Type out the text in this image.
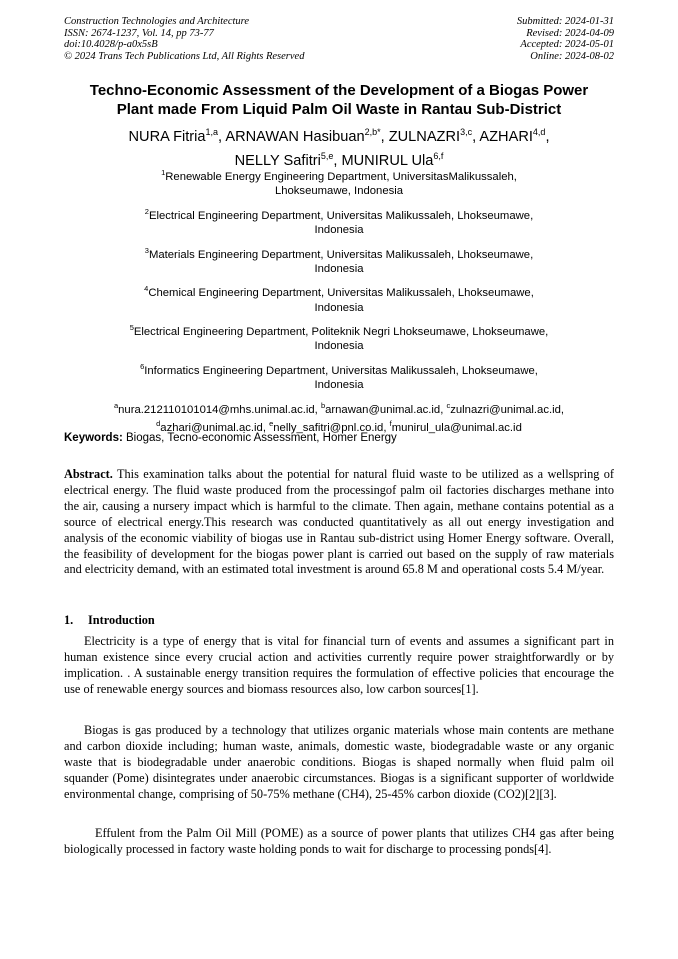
Construction Technologies and Architecture
ISSN: 2674-1237, Vol. 14, pp 73-77
doi:10.4028/p-a0x5sB
© 2024 Trans Tech Publications Ltd, All Rights Reserved
Submitted: 2024-01-31
Revised: 2024-04-09
Accepted: 2024-05-01
Online: 2024-08-02
Techno-Economic Assessment of the Development of a Biogas Power
Plant made From Liquid Palm Oil Waste in Rantau Sub-District
NURA Fitria$^{1,a}$, ARNAWAN Hasibuan$^{2,b*}$, ZULNAZRI$^{3,c}$, AZHARI$^{4,d}$,
NELLY Safitri$^{5,e}$, MUNIRUL Ula$^{6,f}$
$^1$Renewable Energy Engineering Department, UniversitasMalikussaleh,
Lhokseumawe, Indonesia
$^2$Electrical Engineering Department, Universitas Malikussaleh, Lhokseumawe,
Indonesia
$^3$Materials Engineering Department, Universitas Malikussaleh, Lhokseumawe,
Indonesia
$^4$Chemical Engineering Department, Universitas Malikussaleh, Lhokseumawe,
Indonesia
$^5$Electrical Engineering Department, Politeknik Negri Lhokseumawe, Lhokseumawe,
Indonesia
$^6$Informatics Engineering Department, Universitas Malikussaleh, Lhokseumawe,
Indonesia
$^a$nura.212110101014@mhs.unimal.ac.id, $^b$arnawan@unimal.ac.id, $^c$zulnazri@unimal.ac.id,
$^d$azhari@unimal.ac.id, $^e$nelly_safitri@pnl.co.id, $^f$munirul_ula@unimal.ac.id
Keywords: Biogas, Tecno-economic Assessment, Homer Energy
Abstract. This examination talks about the potential for natural fluid waste to be utilized as a wellspring of electrical energy. The fluid waste produced from the processingof palm oil factories discharges methane into the air, causing a nursery impact which is harmful to the climate. Then again, methane contains potential as a source of electrical energy.This research was conducted quantitatively as all out energy investigation and analysis of the economic viability of biogas use in Rantau sub-district using Homer Energy software. Overall, the feasibility of development for the biogas power plant is carried out based on the supply of raw materials and electricity demand, with an estimated total investment is around 65.8 M and operational costs 5.4 M/year.
1. Introduction

Electricity is a type of energy that is vital for financial turn of events and assumes a significant part in human existence since every crucial action and activities currently require power straightforwardly or by implication. . A sustainable energy transition requires the formulation of effective policies that encourage the use of renewable energy sources and biomass resources also, low carbon sources[1].

Biogas is gas produced by a technology that utilizes organic materials whose main contents are methane and carbon dioxide including; human waste, animals, domestic waste, biodegradable waste or any organic waste that is biodegradable under anaerobic conditions. Biogas is shaped normally when fluid palm oil squander (Pome) disintegrates under anaerobic circumstances. Biogas is a significant supporter of worldwide environmental change, comprising of 50-75% methane (CH4), 25-45% carbon dioxide (CO2)[2][3].

Effulent from the Palm Oil Mill (POME) as a source of power plants that utilizes CH4 gas after being biologically processed in factory waste holding ponds to wait for discharge to processing ponds[4].
